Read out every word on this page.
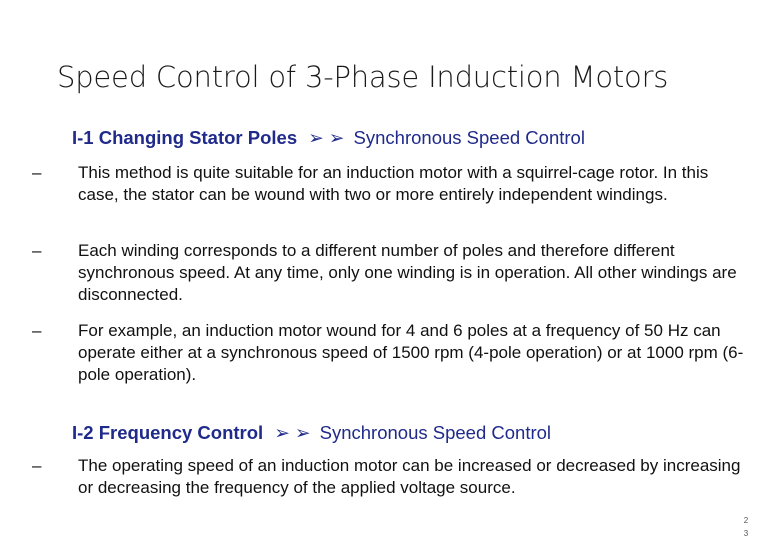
Speed Control of 3-Phase Induction Motors
I-1 Changing Stator Poles ➢ ➢ Synchronous Speed Control
– This method is quite suitable for an induction motor with a squirrel-cage rotor. In this case, the stator can be wound with two or more entirely independent windings.
– Each winding corresponds to a different number of poles and therefore different synchronous speed. At any time, only one winding is in operation. All other windings are disconnected.
– For example, an induction motor wound for 4 and 6 poles at a frequency of 50 Hz can operate either at a synchronous speed of 1500 rpm (4-pole operation) or at 1000 rpm (6-pole operation).
I-2 Frequency Control ➢ ➢ Synchronous Speed Control
– The operating speed of an induction motor can be increased or decreased by increasing or decreasing the frequency of the applied voltage source.
23
